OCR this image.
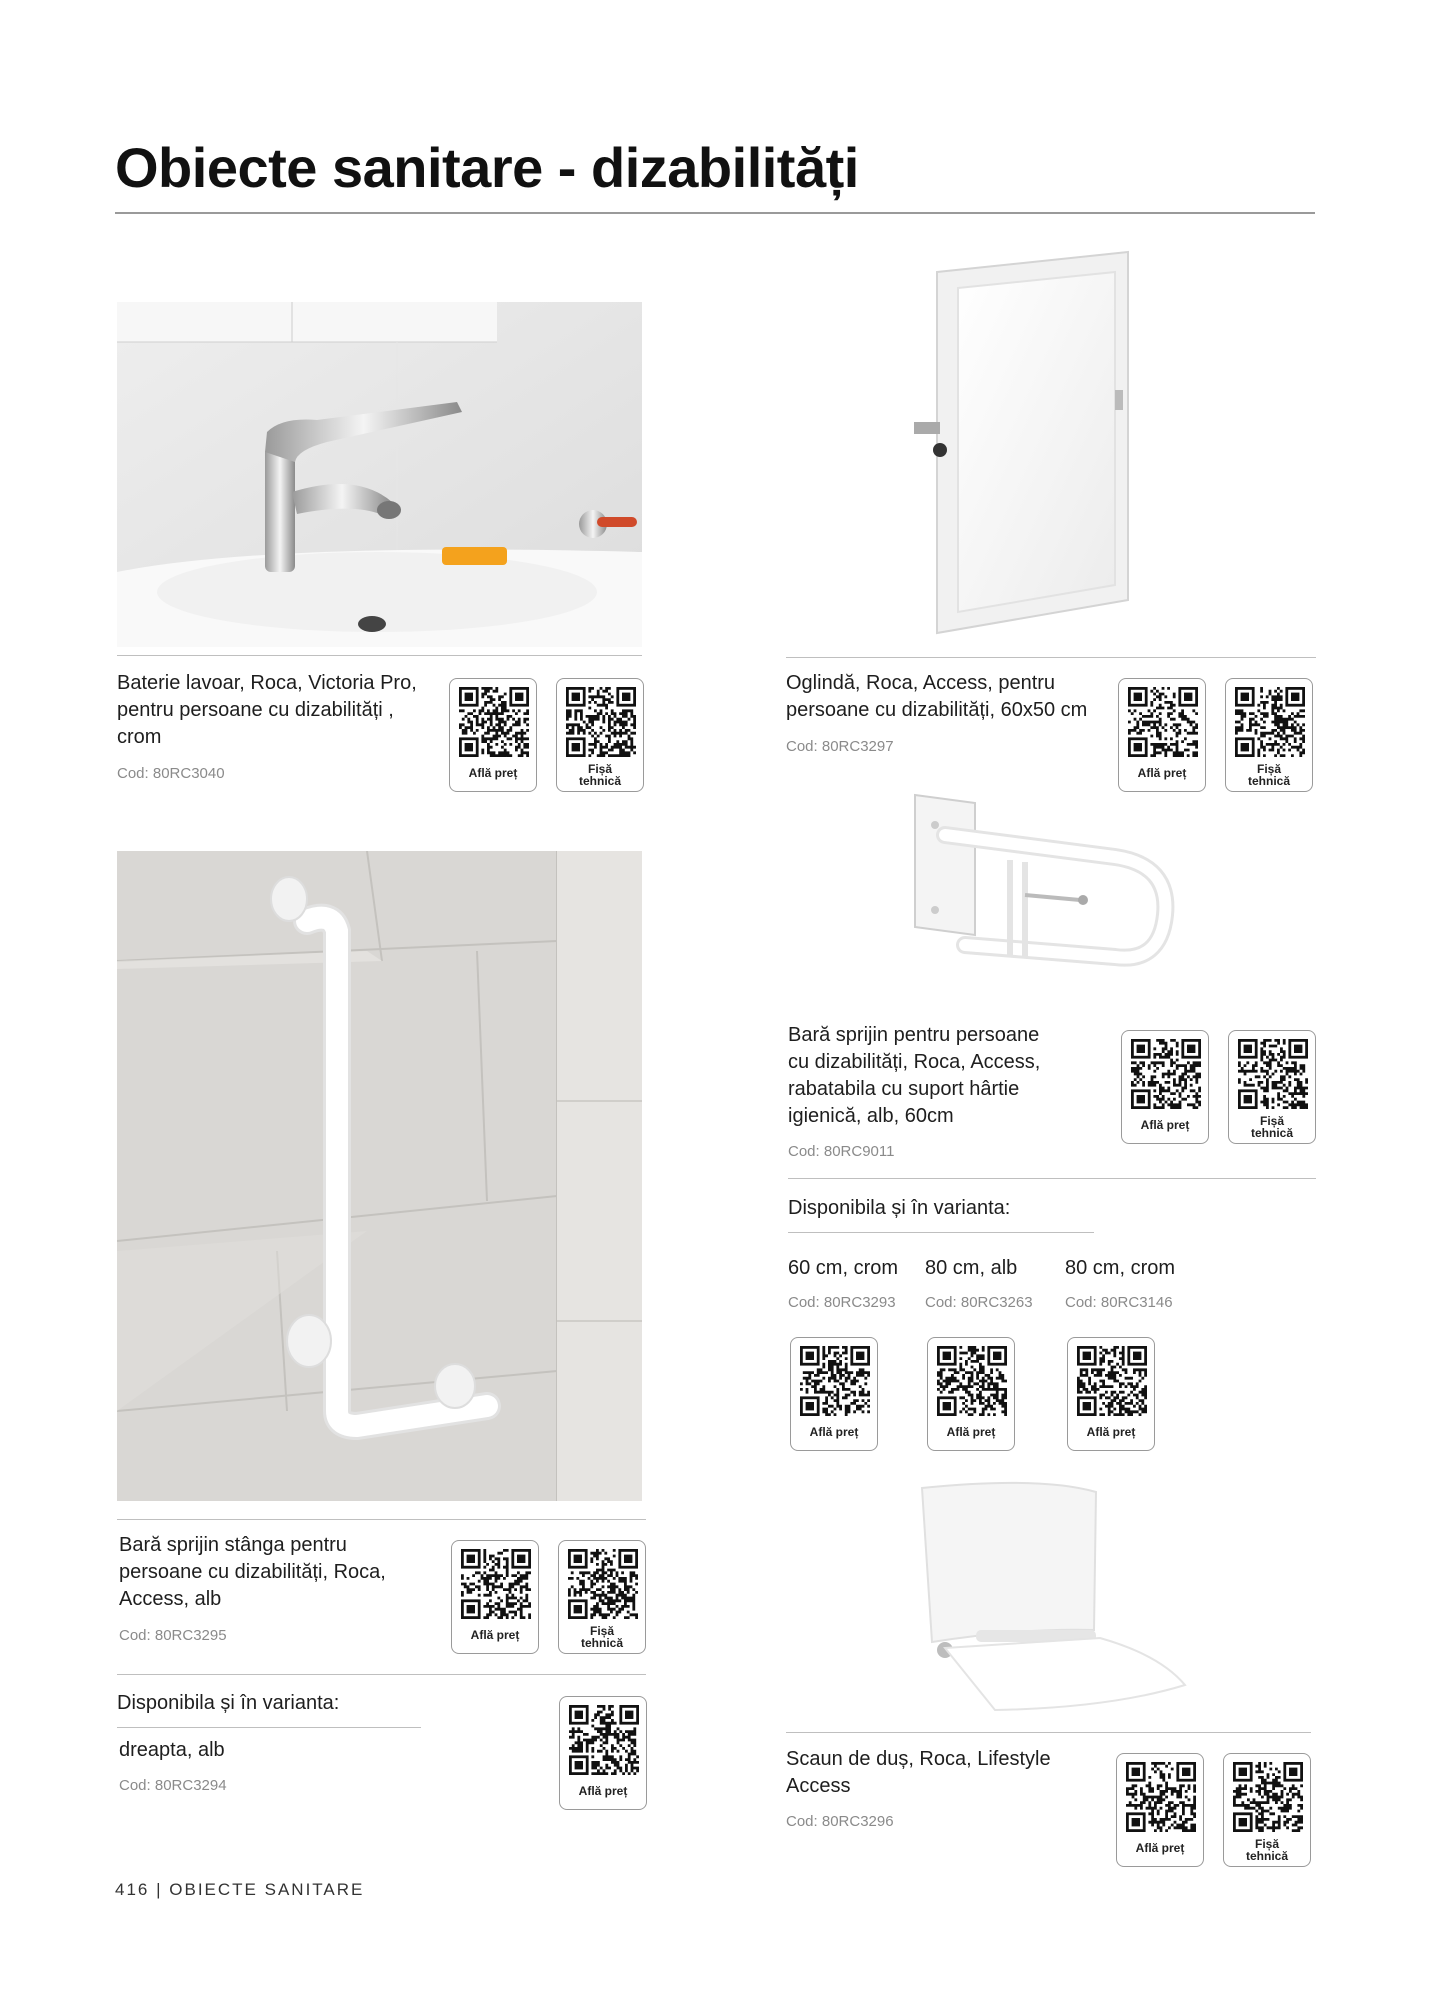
Obiecte sanitare - dizabilități
Baterie lavoar, Roca, Victoria Pro,
pentru persoane cu dizabilități ,
crom
Cod: 80RC3040	Află preț	Fișă
tehnică
Oglindă, Roca, Access, pentru
persoane cu dizabilități, 60x50 cm
Cod: 80RC3297
Află preț	Fișă
tehnică
Bară sprijin pentru persoane
cu dizabilități, Roca, Access,
rabatabila cu suport hârtie
igienică, alb, 60cm
Cod: 80RC9011
Află preț	Fișă
tehnică
Disponibila și în varianta:
60 cm, crom
Cod: 80RC3293
Află preț
80 cm, alb
Cod: 80RC3263
Află preț
80 cm, crom
Cod: 80RC3146
Află preț
Bară sprijin stânga pentru
persoane cu dizabilități, Roca,
Access, alb
Cod: 80RC3295	Află preț	Fișă
tehnică
Disponibila și în varianta:
dreapta, alb
Cod: 80RC3294	Află preț
Scaun de duș, Roca, Lifestyle
Access
Cod: 80RC3296
Află preț	Fișă
tehnică
416 | OBIECTE SANITARE
